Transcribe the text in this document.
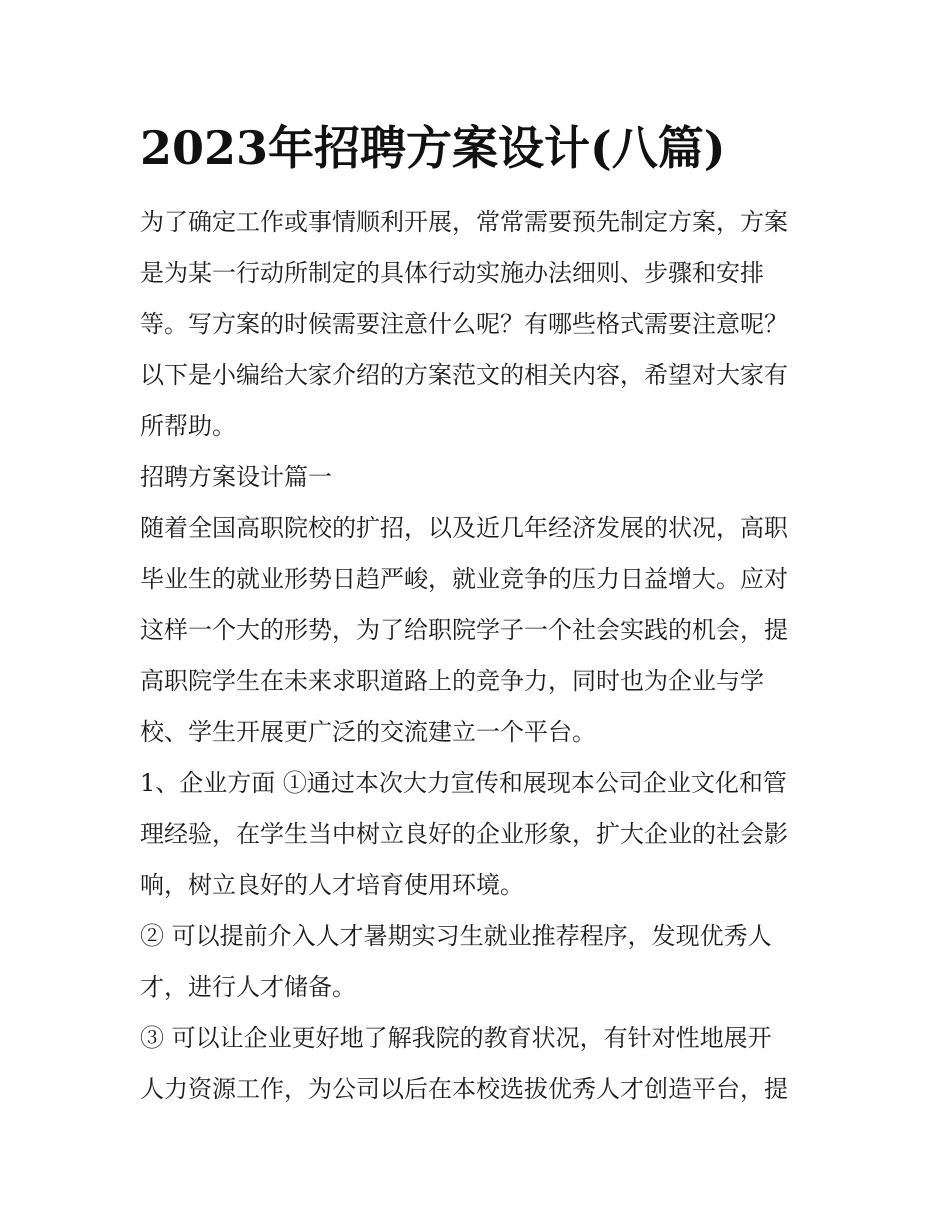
2023年招聘方案设计(八篇)
为了确定工作或事情顺利开展，常常需要预先制定方案，方案
是为某一行动所制定的具体行动实施办法细则、步骤和安排
等。写方案的时候需要注意什么呢？有哪些格式需要注意呢？
以下是小编给大家介绍的方案范文的相关内容，希望对大家有
所帮助。
招聘方案设计篇一
随着全国高职院校的扩招，以及近几年经济发展的状况，高职
毕业生的就业形势日趋严峻，就业竞争的压力日益增大。应对
这样一个大的形势，为了给职院学子一个社会实践的机会，提
高职院学生在未来求职道路上的竞争力，同时也为企业与学
校、学生开展更广泛的交流建立一个平台。
1、企业方面 ①通过本次大力宣传和展现本公司企业文化和管
理经验，在学生当中树立良好的企业形象，扩大企业的社会影
响，树立良好的人才培育使用环境。
② 可以提前介入人才暑期实习生就业推荐程序，发现优秀人
才，进行人才储备。
③ 可以让企业更好地了解我院的教育状况，有针对性地展开
人力资源工作，为公司以后在本校选拔优秀人才创造平台，提
